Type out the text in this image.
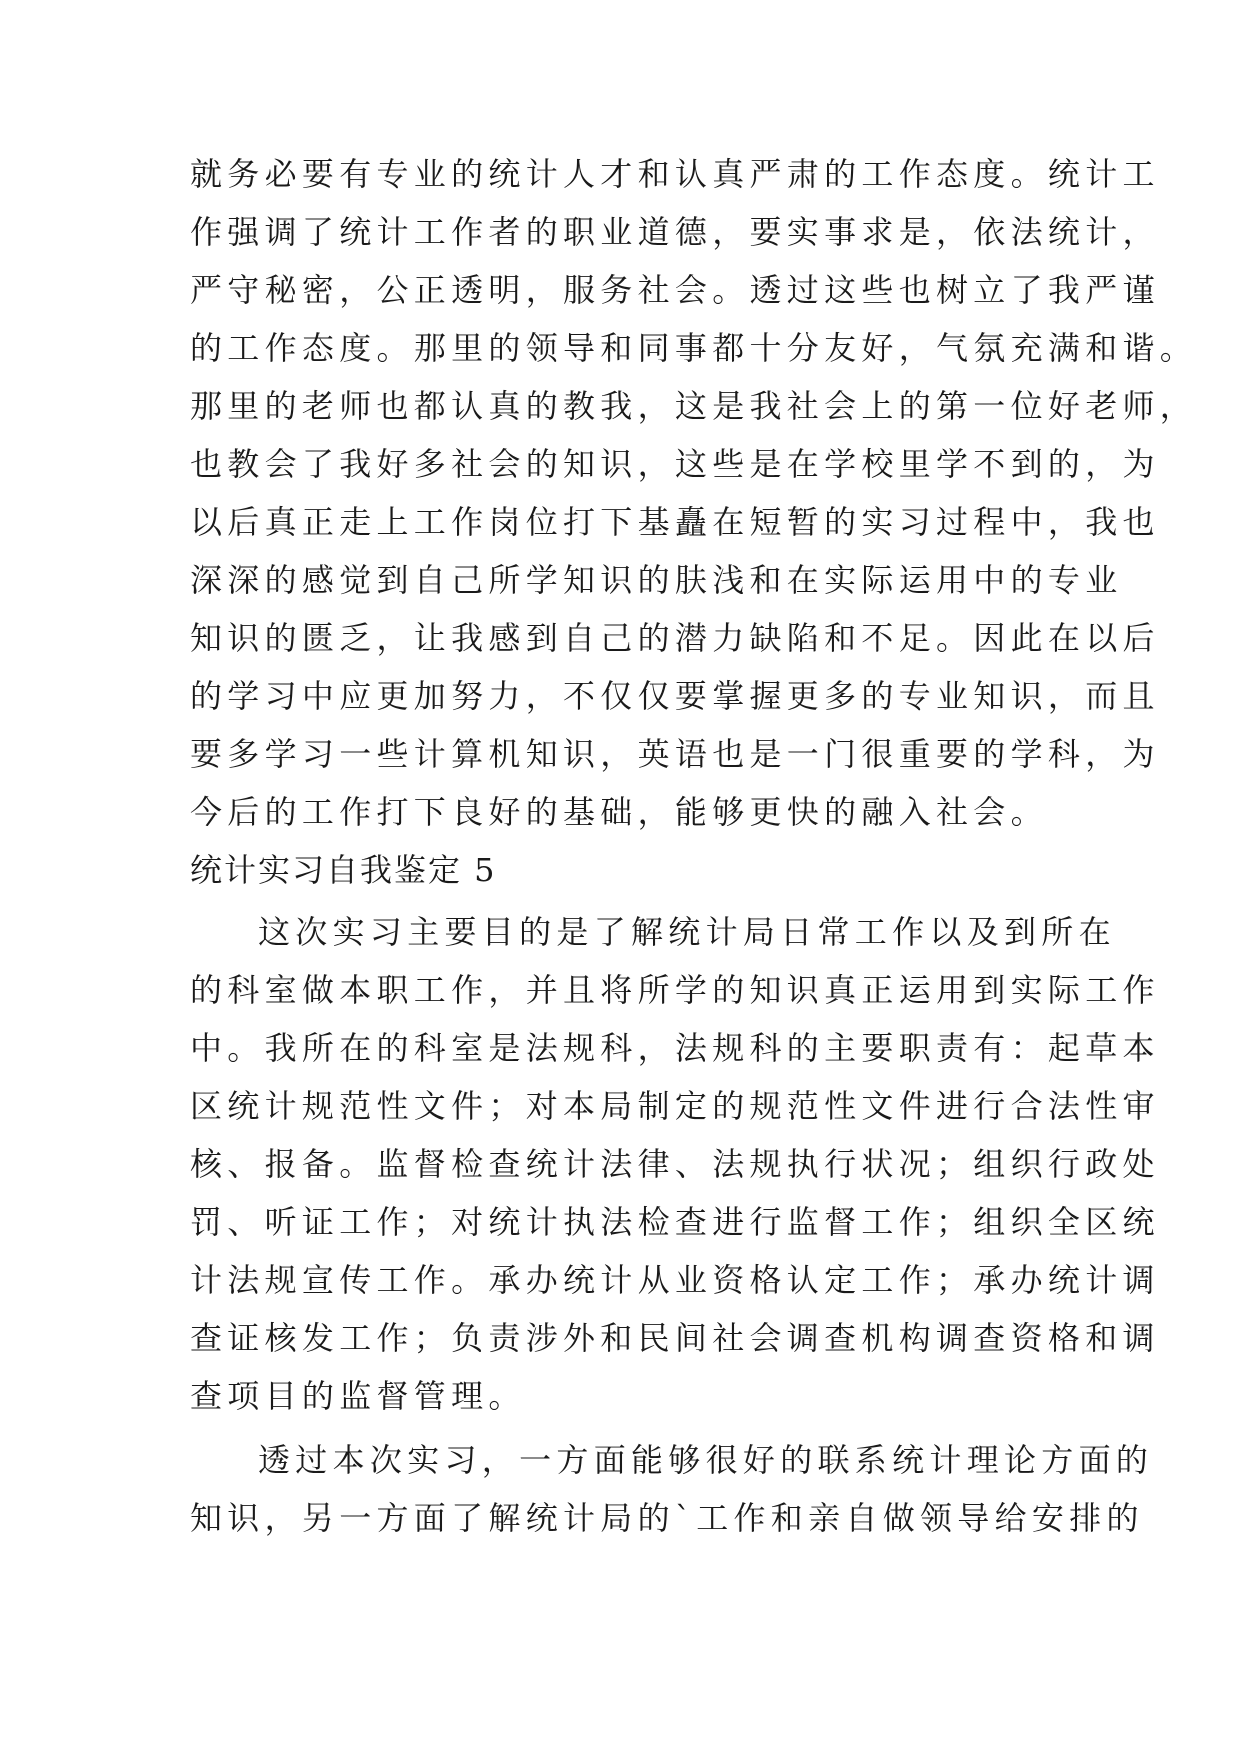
就务必要有专业的统计人才和认真严肃的工作态度。统计工
作强调了统计工作者的职业道德，要实事求是，依法统计，
严守秘密，公正透明，服务社会。透过这些也树立了我严谨
的工作态度。那里的领导和同事都十分友好，气氛充满和谐。
那里的老师也都认真的教我，这是我社会上的第一位好老师，
也教会了我好多社会的知识，这些是在学校里学不到的，为
以后真正走上工作岗位打下基矗在短暂的实习过程中，我也
深深的感觉到自己所学知识的肤浅和在实际运用中的专业
知识的匮乏，让我感到自己的潜力缺陷和不足。因此在以后
的学习中应更加努力，不仅仅要掌握更多的专业知识，而且
要多学习一些计算机知识，英语也是一门很重要的学科，为
今后的工作打下良好的基础，能够更快的融入社会。
统计实习自我鉴定 5
这次实习主要目的是了解统计局日常工作以及到所在
的科室做本职工作，并且将所学的知识真正运用到实际工作
中。我所在的科室是法规科，法规科的主要职责有：起草本
区统计规范性文件；对本局制定的规范性文件进行合法性审
核、报备。监督检查统计法律、法规执行状况；组织行政处
罚、听证工作；对统计执法检查进行监督工作；组织全区统
计法规宣传工作。承办统计从业资格认定工作；承办统计调
查证核发工作；负责涉外和民间社会调查机构调查资格和调
查项目的监督管理。
透过本次实习，一方面能够很好的联系统计理论方面的
知识，另一方面了解统计局的`工作和亲自做领导给安排的
